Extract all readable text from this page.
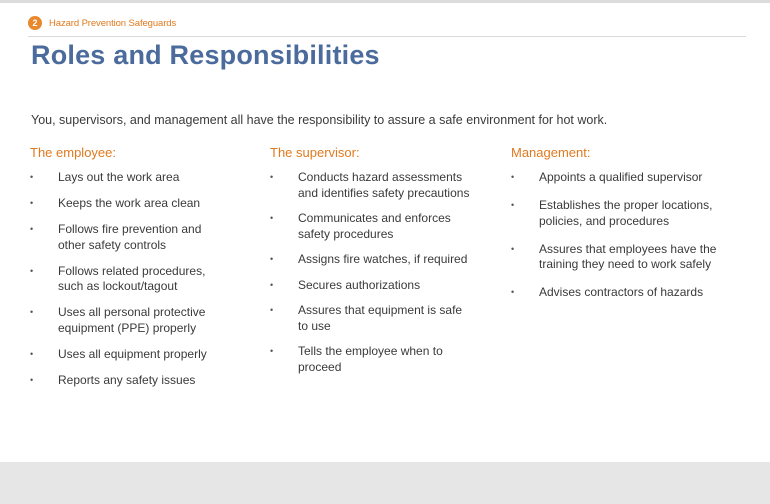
2	Hazard Prevention Safeguards
Roles and Responsibilities

You, supervisors, and management all have the responsibility to assure a safe environment for hot work.

The employee:
• Lays out the work area
• Keeps the work area clean
• Follows fire prevention and other safety controls
• Follows related procedures, such as lockout/tagout
• Uses all personal protective equipment (PPE) properly
• Uses all equipment properly
• Reports any safety issues
The supervisor:
• Conducts hazard assessments and identifies safety precautions
• Communicates and enforces safety procedures
• Assigns fire watches, if required
• Secures authorizations
• Assures that equipment is safe to use
• Tells the employee when to proceed
Management:
• Appoints a qualified supervisor
• Establishes the proper locations, policies, and procedures
• Assures that employees have the training they need to work safely
• Advises contractors of hazards
